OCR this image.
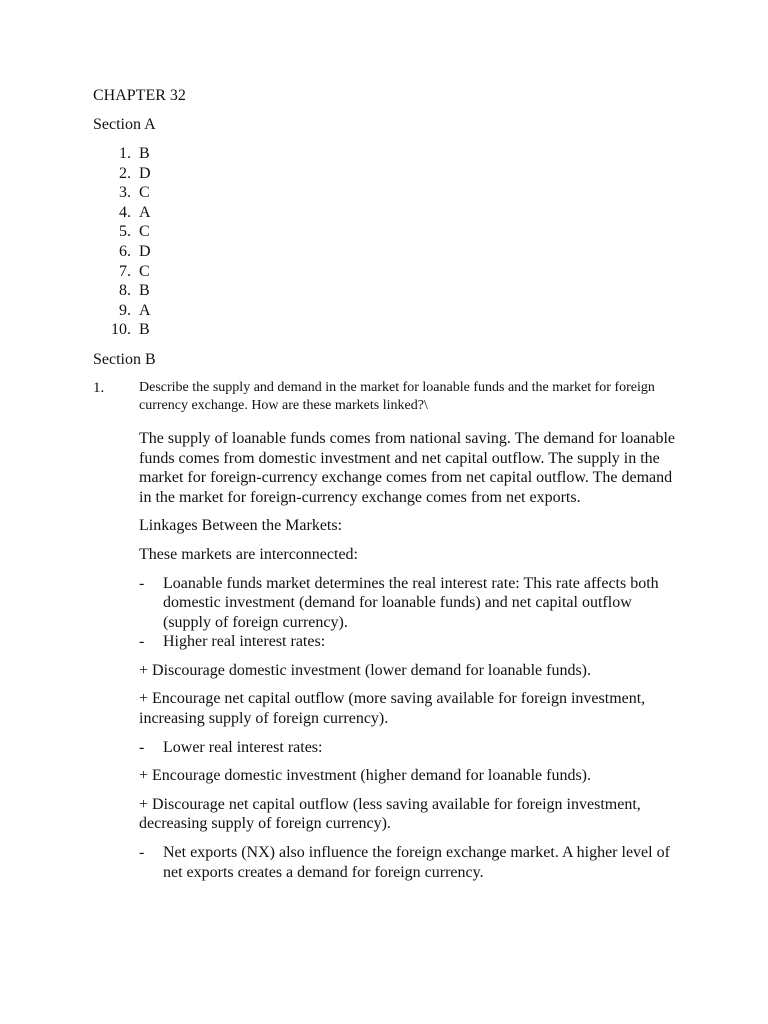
CHAPTER 32
Section A
1. B
2. D
3. C
4. A
5. C
6. D
7. C
8. B
9. A
10. B
Section B
1.	Describe the supply and demand in the market for loanable funds and the market for foreign currency exchange. How are these markets linked?\

The supply of loanable funds comes from national saving. The demand for loanable funds comes from domestic investment and net capital outflow. The supply in the market for foreign-currency exchange comes from net capital outflow. The demand in the market for foreign-currency exchange comes from net exports.

Linkages Between the Markets:

These markets are interconnected:

-	Loanable funds market determines the real interest rate: This rate affects both domestic investment (demand for loanable funds) and net capital outflow (supply of foreign currency).
-	Higher real interest rates:

+ Discourage domestic investment (lower demand for loanable funds).

+ Encourage net capital outflow (more saving available for foreign investment, increasing supply of foreign currency).

-	Lower real interest rates:

+ Encourage domestic investment (higher demand for loanable funds).

+ Discourage net capital outflow (less saving available for foreign investment, decreasing supply of foreign currency).

-	Net exports (NX) also influence the foreign exchange market. A higher level of net exports creates a demand for foreign currency.
